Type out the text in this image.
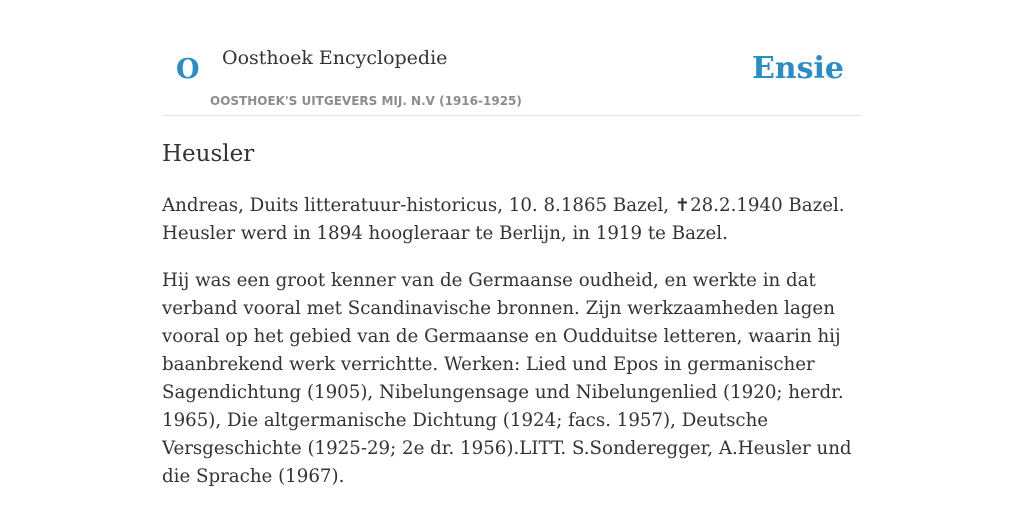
O Oosthoek Encyclopedie
OOSTHOEK'S UITGEVERS MIJ. N.V (1916-1925)
Ensie
Heusler

Andreas, Duits litteratuur-historicus, 10. 8.1865 Bazel, ✝28.2.1940 Bazel. Heusler werd in 1894 hoogleraar te Berlijn, in 1919 te Bazel.

Hij was een groot kenner van de Germaanse oudheid, en werkte in dat verband vooral met Scandinavische bronnen. Zijn werkzaamheden lagen vooral op het gebied van de Germaanse en Oudduitse letteren, waarin hij baanbrekend werk verrichtte. Werken: Lied und Epos in germanischer Sagendichtung (1905), Nibelungensage und Nibelungenlied (1920; herdr. 1965), Die altgermanische Dichtung (1924; facs. 1957), Deutsche Versgeschichte (1925-29; 2e dr. 1956).LITT. S.Sonderegger, A.Heusler und die Sprache (1967).
